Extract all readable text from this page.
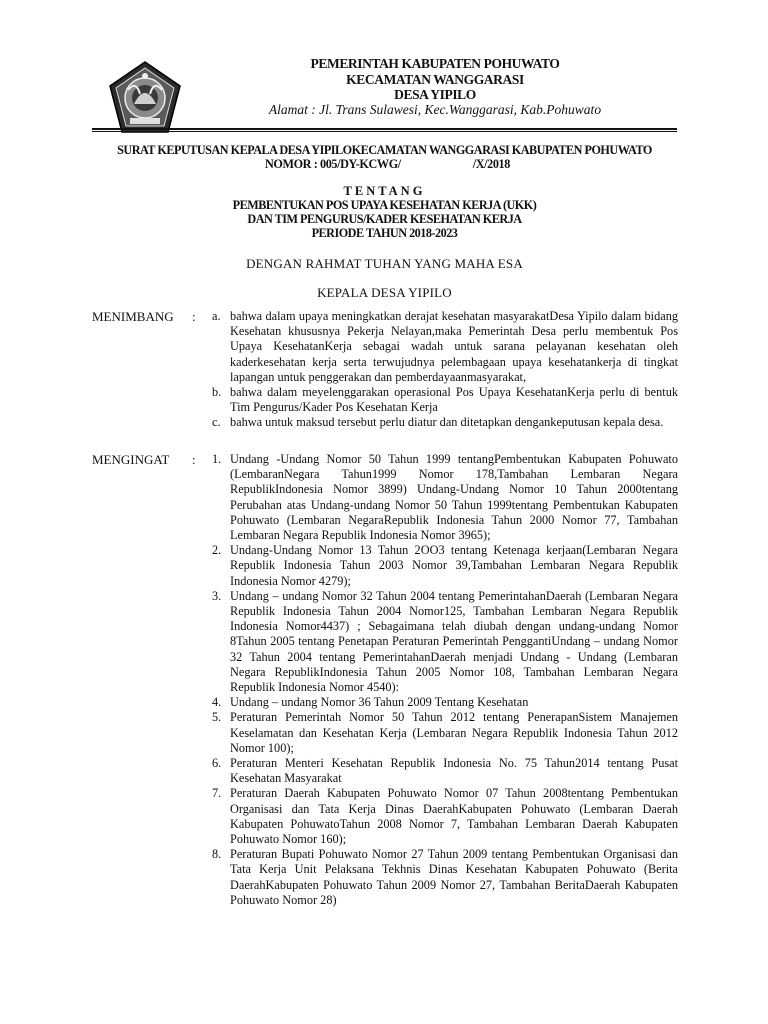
PEMERINTAH KABUPATEN POHUWATO
KECAMATAN WANGGARASI
DESA YIPILO
Alamat : Jl. Trans Sulawesi, Kec.Wanggarasi, Kab.Pohuwato
SURAT KEPUTUSAN KEPALA DESA YIPILOKECAMATAN WANGGARASI KABUPATEN POHUWATO
NOMOR : 005/DY-KCWG/	/X/2018
TENTANG
PEMBENTUKAN POS UPAYA KESEHATAN KERJA (UKK)
DAN TIM PENGURUS/KADER KESEHATAN KERJA
PERIODE TAHUN 2018-2023
DENGAN RAHMAT TUHAN YANG MAHA ESA
KEPALA DESA YIPILO
MENIMBANG : a. bahwa dalam upaya meningkatkan derajat kesehatan masyarakatDesa Yipilo dalam bidang Kesehatan khususnya Pekerja Nelayan,maka Pemerintah Desa perlu membentuk Pos Upaya KesehatanKerja sebagai wadah untuk sarana pelayanan kesehatan oleh kaderkesehatan kerja serta terwujudnya pelembagaan upaya kesehatankerja di tingkat lapangan untuk penggerakan dan pemberdayaanmasyarakat,
b. bahwa dalam meyelenggarakan operasional Pos Upaya KesehatanKerja perlu di bentuk Tim Pengurus/Kader Pos Kesehatan Kerja
c. bahwa untuk maksud tersebut perlu diatur dan ditetapkan dengankeputusan kepala desa.
MENGINGAT : 1. Undang -Undang Nomor 50 Tahun 1999 tentangPembentukan Kabupaten Pohuwato (LembaranNegara Tahun1999 Nomor 178,Tambahan Lembaran Negara RepublikIndonesia Nomor 3899) Undang-Undang Nomor 10 Tahun 2000tentang Perubahan atas Undang-undang Nomor 50 Tahun 1999tentang Pembentukan Kabupaten Pohuwato (Lembaran NegaraRepublik Indonesia Tahun 2000 Nomor 77, Tambahan Lembaran Negara Republik Indonesia Nomor 3965);
2. Undang-Undang Nomor 13 Tahun 2OO3 tentang Ketenaga kerjaan(Lembaran Negara Republik Indonesia Tahun 2003 Nomor 39,Tambahan Lembaran Negara Republik Indonesia Nomor 4279);
3. Undang – undang Nomor 32 Tahun 2004 tentang PemerintahanDaerah (Lembaran Negara Republik Indonesia Tahun 2004 Nomor125, Tambahan Lembaran Negara Republik Indonesia Nomor4437) ; Sebagaimana telah diubah dengan undang-undang Nomor 8Tahun 2005 tentang Penetapan Peraturan Pemerintah PenggantiUndang – undang Nomor 32 Tahun 2004 tentang PemerintahanDaerah menjadi Undang - Undang (Lembaran Negara RepublikIndonesia Tahun 2005 Nomor 108, Tambahan Lembaran Negara Republik Indonesia Nomor 4540):
4. Undang – undang Nomor 36 Tahun 2009 Tentang Kesehatan
5. Peraturan Pemerintah Nomor 50 Tahun 2012 tentang PenerapanSistem Manajemen Keselamatan dan Kesehatan Kerja (Lembaran Negara Republik Indonesia Tahun 2012 Nomor 100);
6. Peraturan Menteri Kesehatan Republik Indonesia No. 75 Tahun2014 tentang Pusat Kesehatan Masyarakat
7. Peraturan Daerah Kabupaten Pohuwato Nomor 07 Tahun 2008tentang Pembentukan Organisasi dan Tata Kerja Dinas DaerahKabupaten Pohuwato (Lembaran Daerah Kabupaten PohuwatoTahun 2008 Nomor 7, Tambahan Lembaran Daerah Kabupaten Pohuwato Nomor 160);
8. Peraturan Bupati Pohuwato Nomor 27 Tahun 2009 tentang Pembentukan Organisasi dan Tata Kerja Unit Pelaksana Tekhnis Dinas Kesehatan Kabupaten Pohuwato (Berita DaerahKabupaten Pohuwato Tahun 2009 Nomor 27, Tambahan BeritaDaerah Kabupaten Pohuwato Nomor 28)
